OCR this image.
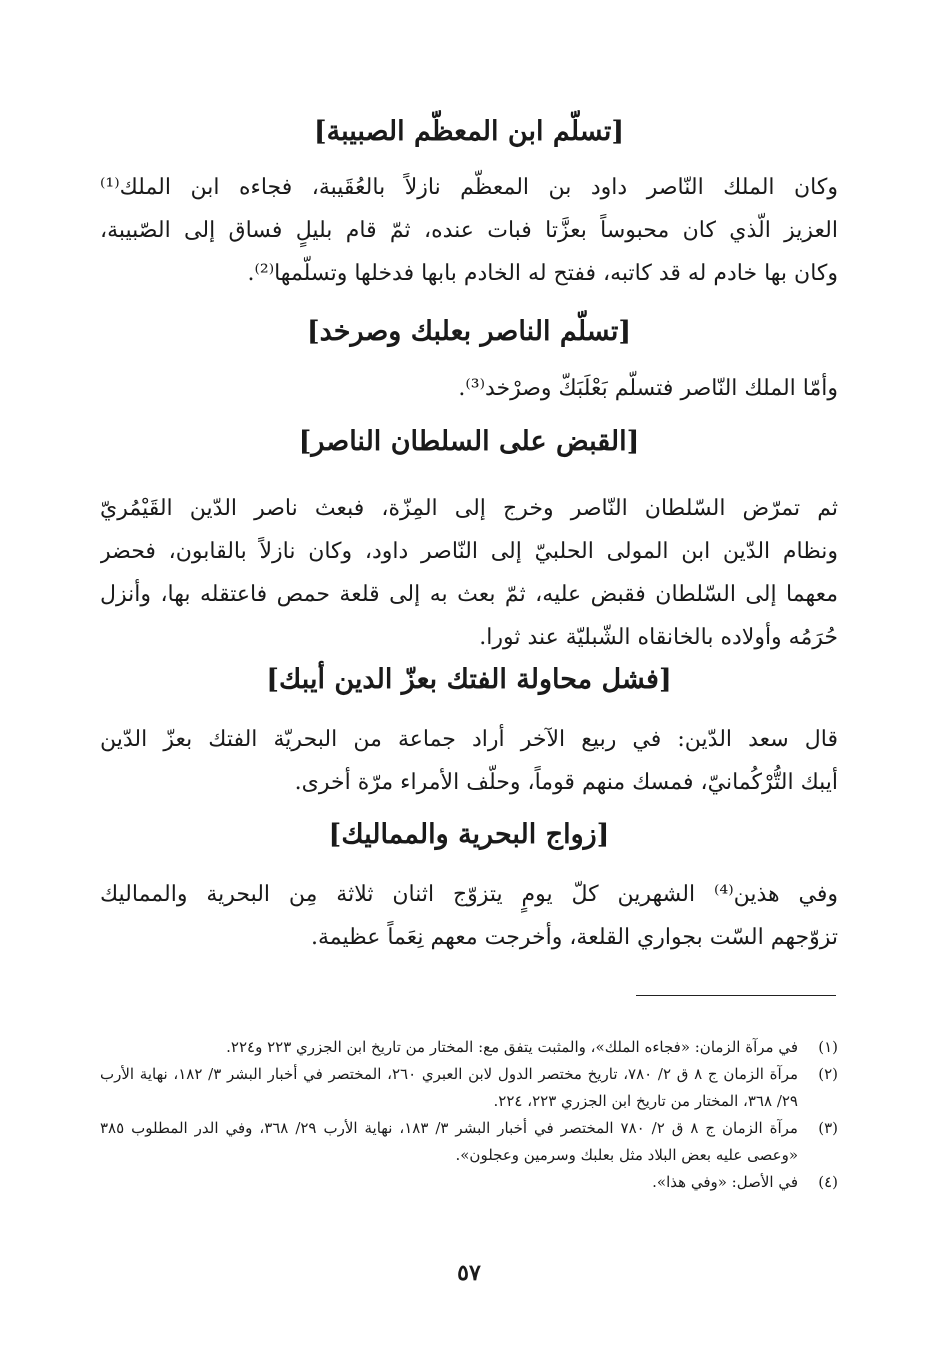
[تسلّم ابن المعظّم الصبيبة]
وكان الملك النّاصر داود بن المعظّم نازلاً بالعُقَيبة، فجاءه ابن الملك⁽¹⁾
العزيز الّذي كان محبوساً بعزَّتا فبات عنده، ثمّ قام بليلٍ فساق إلى الصّبيبة،
وكان بها خادم له قد كاتبه، ففتح له الخادم بابها فدخلها وتسلّمها⁽²⁾.
[تسلّم الناصر بعلبك وصرخد]
وأمّا الملك النّاصر فتسلّم بَعْلَبَكّ وصرْخد⁽³⁾.
[القبض على السلطان الناصر]
ثم تمرّض السّلطان النّاصر وخرج إلى المِزّة، فبعث ناصر الدّين القَيْمُريّ
ونظام الدّين ابن المولى الحلبيّ إلى النّاصر داود، وكان نازلاً بالقابون، فحضر
معهما إلى السّلطان فقبض عليه، ثمّ بعث به إلى قلعة حمص فاعتقله بها، وأنزل
حُرَمُه وأولاده بالخانقاه الشّبليّة عند ثورا.
[فشل محاولة الفتك بعزّ الدين أيبك]
قال سعد الدّين: في ربيع الآخر أراد جماعة من البحريّة الفتك بعزّ الدّين
أيبك التُّرْكُمانيّ، فمسك منهم قوماً، وحلّف الأمراء مرّة أخرى.
[زواج البحرية والمماليك]
وفي هذين⁽⁴⁾ الشهرين كلّ يومٍ يتزوّج اثنان ثلاثة مِن البحرية والمماليك
تزوّجهم السّت بجواري القلعة، وأخرجت معهم نِعَماً عظيمة.
(١)
في مرآة الزمان: «فجاءه الملك»، والمثبت يتفق مع: المختار من تاريخ ابن الجزري ٢٢٣ و٢٢٤.
(٢)
مرآة الزمان ج ٨ ق ٢/ ٧٨٠، تاريخ مختصر الدول لابن العبري ٢٦٠، المختصر في أخبار البشر ٣/ ١٨٢، نهاية الأرب ٢٩/ ٣٦٨، المختار من تاريخ ابن الجزري ٢٢٣، ٢٢٤.
(٣)
مرآة الزمان ج ٨ ق ٢/ ٧٨٠ المختصر في أخبار البشر ٣/ ١٨٣، نهاية الأرب ٢٩/ ٣٦٨، وفي الدر المطلوب ٣٨٥ «وعصى عليه بعض البلاد مثل بعلبك وسرمين وعجلون».
(٤)
في الأصل: «وفي هذا».
٥٧
